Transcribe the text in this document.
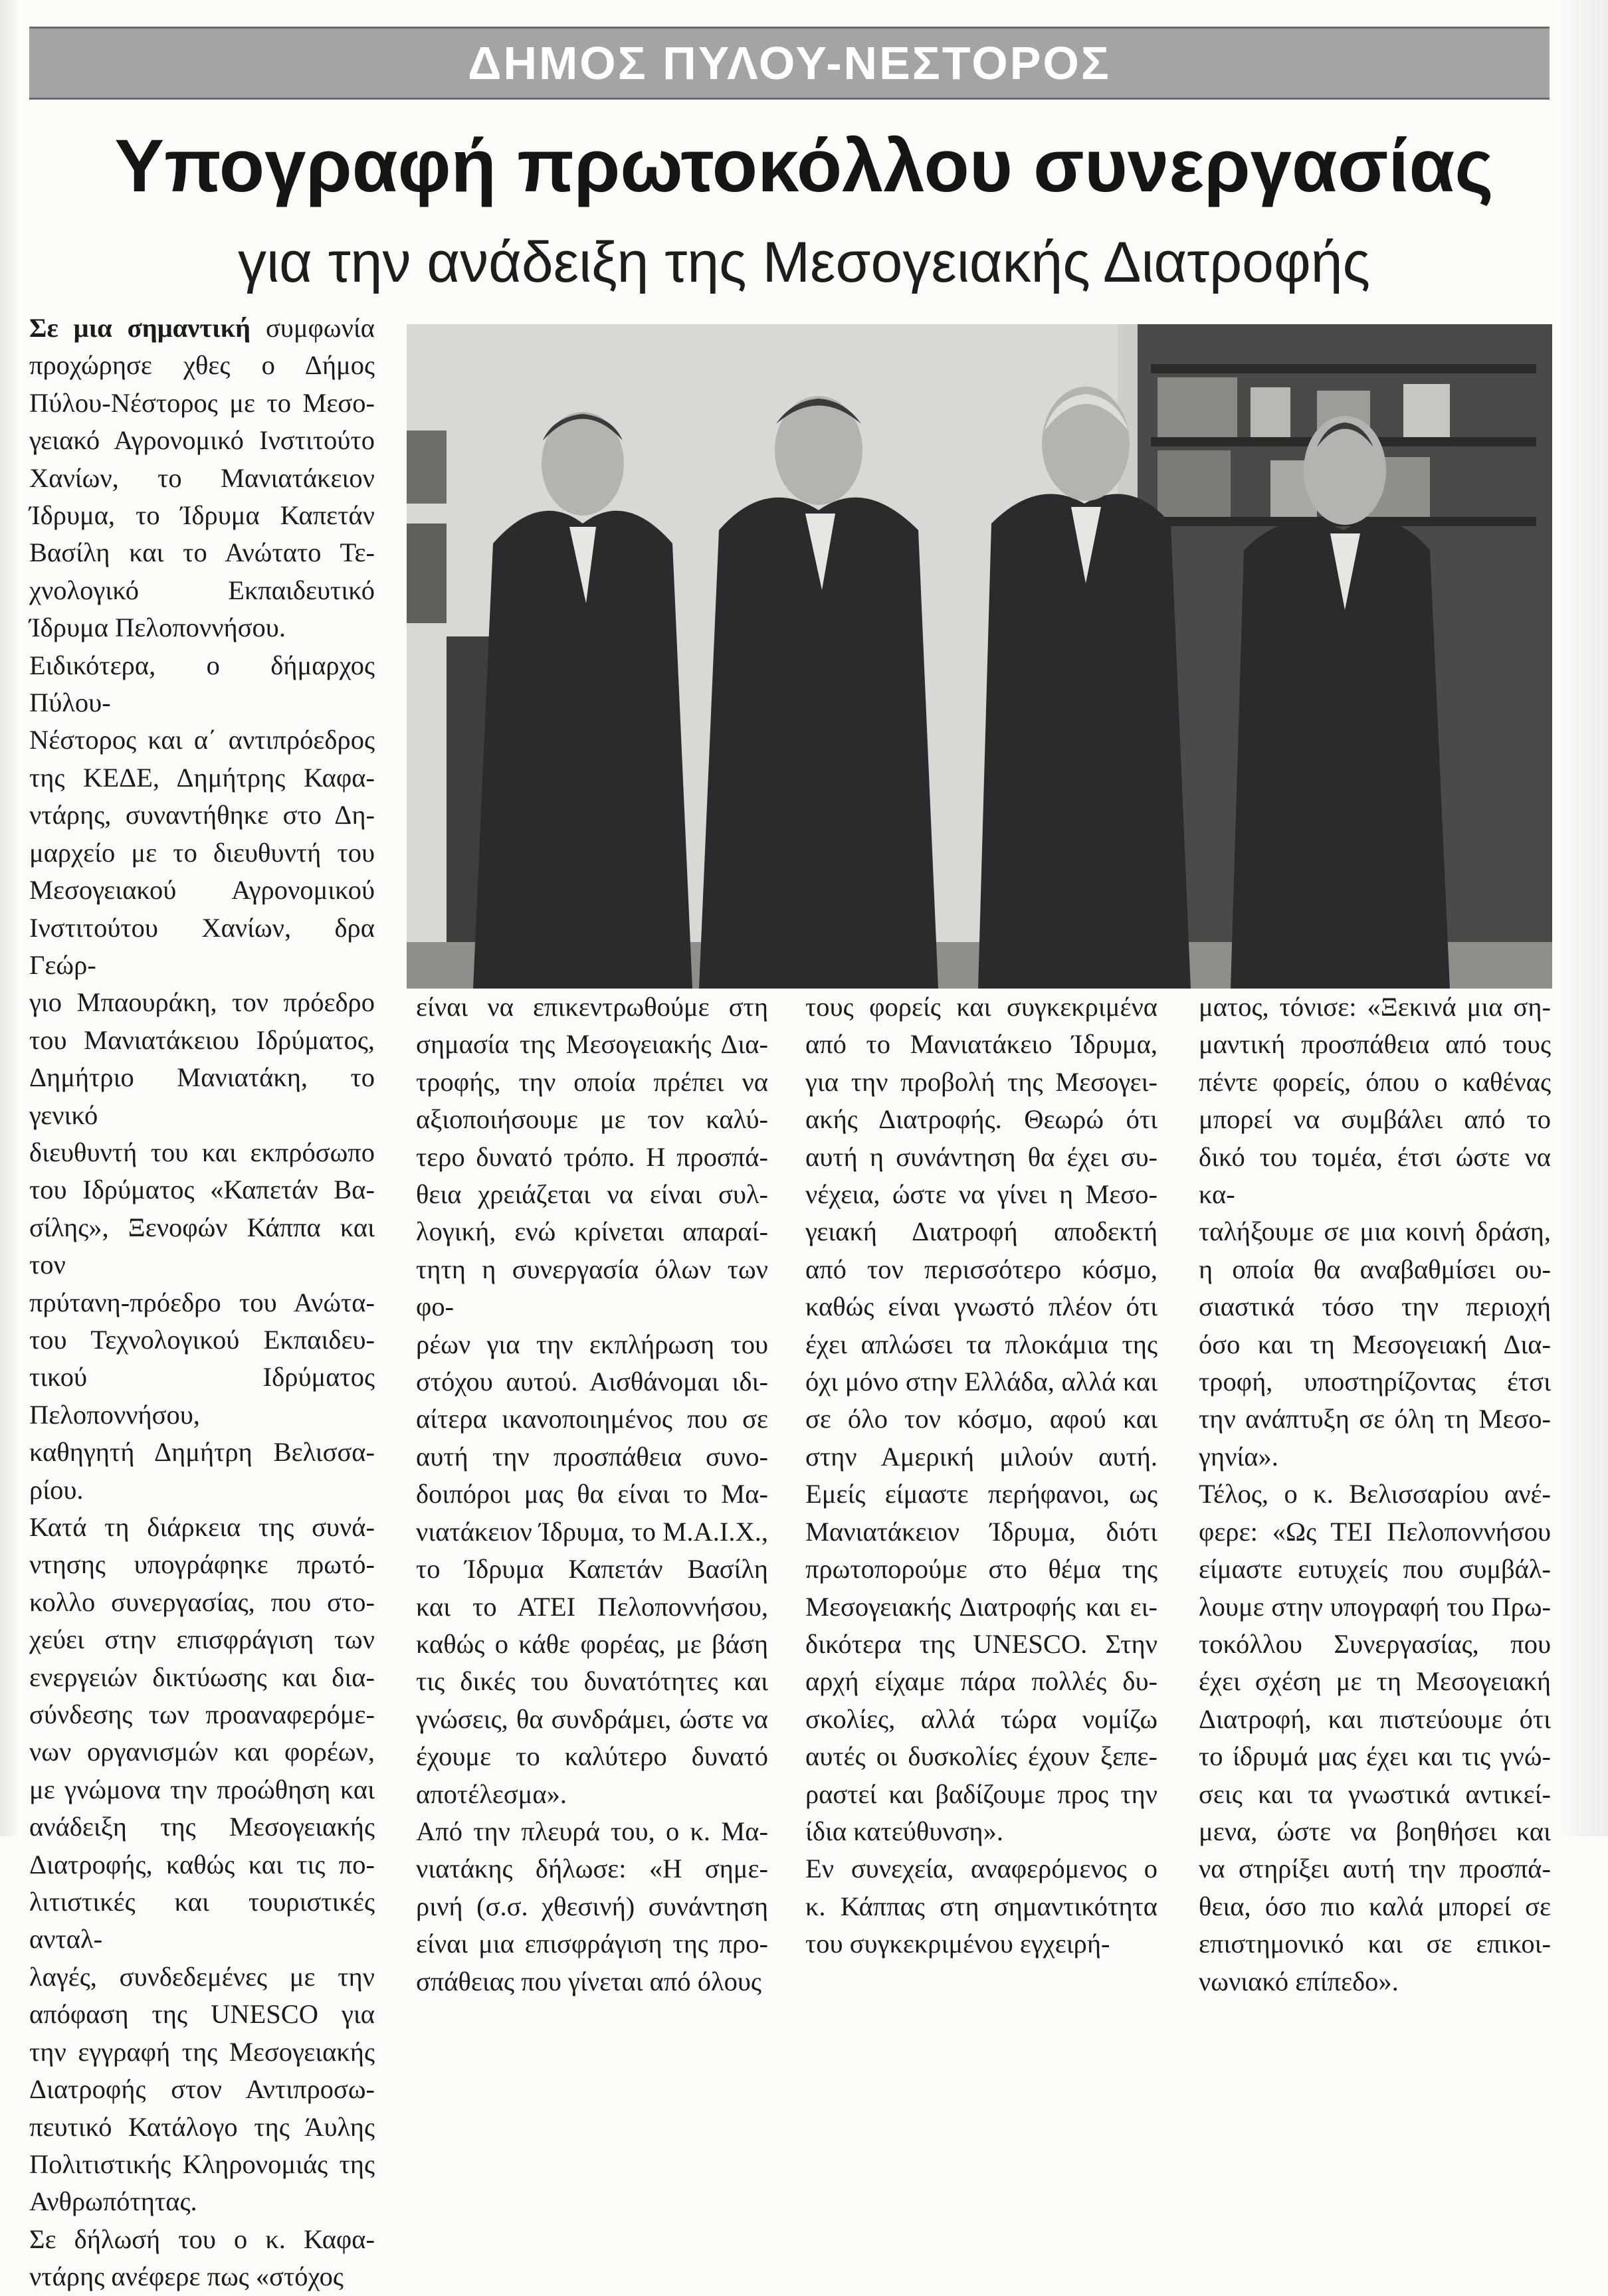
ΔΗΜΟΣ ΠΥΛΟΥ-ΝΕΣΤΟΡΟΣ
Υπογραφή πρωτοκόλλου συνεργασίας
για την ανάδειξη της Μεσογειακής Διατροφής
Σε μια σημαντική συμφωνία
προχώρησε χθες ο Δήμος
Πύλου-Νέστορος με το Μεσο-
γειακό Αγρονομικό Ινστιτούτο
Χανίων, το Μανιατάκειον
Ίδρυμα, το Ίδρυμα Καπετάν
Βασίλη και το Ανώτατο Τε-
χνολογικό Εκπαιδευτικό
Ίδρυμα Πελοποννήσου.
Ειδικότερα, ο δήμαρχος Πύλου-
Νέστορος και α΄ αντιπρόεδρος
της ΚΕΔΕ, Δημήτρης Καφα-
ντάρης, συναντήθηκε στο Δη-
μαρχείο με το διευθυντή του
Μεσογειακού Αγρονομικού
Ινστιτούτου Χανίων, δρα Γεώρ-
γιο Μπαουράκη, τον πρόεδρο
του Μανιατάκειου Ιδρύματος,
Δημήτριο Μανιατάκη, το γενικό
διευθυντή του και εκπρόσωπο
του Ιδρύματος «Καπετάν Βα-
σίλης», Ξενοφών Κάππα και τον
πρύτανη-πρόεδρο του Ανώτα-
του Τεχνολογικού Εκπαιδευ-
τικού Ιδρύματος Πελοποννήσου,
καθηγητή Δημήτρη Βελισσα-
ρίου.
Κατά τη διάρκεια της συνά-
ντησης υπογράφηκε πρωτό-
κολλο συνεργασίας, που στο-
χεύει στην επισφράγιση των
ενεργειών δικτύωσης και δια-
σύνδεσης των προαναφερόμε-
νων οργανισμών και φορέων,
με γνώμονα την προώθηση και
ανάδειξη της Μεσογειακής
Διατροφής, καθώς και τις πο-
λιτιστικές και τουριστικές ανταλ-
λαγές, συνδεδεμένες με την
απόφαση της UNESCO για
την εγγραφή της Μεσογειακής
Διατροφής στον Αντιπροσω-
πευτικό Κατάλογο της Άυλης
Πολιτιστικής Κληρονομιάς της
Ανθρωπότητας.
Σε δήλωσή του ο κ. Καφα-
ντάρης ανέφερε πως «στόχος
είναι να επικεντρωθούμε στη
σημασία της Μεσογειακής Δια-
τροφής, την οποία πρέπει να
αξιοποιήσουμε με τον καλύ-
τερο δυνατό τρόπο. Η προσπά-
θεια χρειάζεται να είναι συλ-
λογική, ενώ κρίνεται απαραί-
τητη η συνεργασία όλων των φο-
ρέων για την εκπλήρωση του
στόχου αυτού. Αισθάνομαι ιδι-
αίτερα ικανοποιημένος που σε
αυτή την προσπάθεια συνο-
δοιπόροι μας θα είναι το Μα-
νιατάκειον Ίδρυμα, το Μ.Α.Ι.Χ.,
το Ίδρυμα Καπετάν Βασίλη
και το ΑΤΕΙ Πελοποννήσου,
καθώς ο κάθε φορέας, με βάση
τις δικές του δυνατότητες και
γνώσεις, θα συνδράμει, ώστε να
έχουμε το καλύτερο δυνατό
αποτέλεσμα».
Από την πλευρά του, ο κ. Μα-
νιατάκης δήλωσε: «Η σημε-
ρινή (σ.σ. χθεσινή) συνάντηση
είναι μια επισφράγιση της προ-
σπάθειας που γίνεται από όλους
τους φορείς και συγκεκριμένα
από το Μανιατάκειο Ίδρυμα,
για την προβολή της Μεσογει-
ακής Διατροφής. Θεωρώ ότι
αυτή η συνάντηση θα έχει συ-
νέχεια, ώστε να γίνει η Μεσο-
γειακή Διατροφή αποδεκτή
από τον περισσότερο κόσμο,
καθώς είναι γνωστό πλέον ότι
έχει απλώσει τα πλοκάμια της
όχι μόνο στην Ελλάδα, αλλά και
σε όλο τον κόσμο, αφού και
στην Αμερική μιλούν αυτή.
Εμείς είμαστε περήφανοι, ως
Μανιατάκειον Ίδρυμα, διότι
πρωτοπορούμε στο θέμα της
Μεσογειακής Διατροφής και ει-
δικότερα της UNESCO. Στην
αρχή είχαμε πάρα πολλές δυ-
σκολίες, αλλά τώρα νομίζω
αυτές οι δυσκολίες έχουν ξεπε-
ραστεί και βαδίζουμε προς την
ίδια κατεύθυνση».
Εν συνεχεία, αναφερόμενος ο
κ. Κάππας στη σημαντικότητα
του συγκεκριμένου εγχειρή-
ματος, τόνισε: «Ξεκινά μια ση-
μαντική προσπάθεια από τους
πέντε φορείς, όπου ο καθένας
μπορεί να συμβάλει από το
δικό του τομέα, έτσι ώστε να κα-
ταλήξουμε σε μια κοινή δράση,
η οποία θα αναβαθμίσει ου-
σιαστικά τόσο την περιοχή
όσο και τη Μεσογειακή Δια-
τροφή, υποστηρίζοντας έτσι
την ανάπτυξη σε όλη τη Μεσο-
γηνία».
Τέλος, ο κ. Βελισσαρίου ανέ-
φερε: «Ως ΤΕΙ Πελοποννήσου
είμαστε ευτυχείς που συμβάλ-
λουμε στην υπογραφή του Πρω-
τοκόλλου Συνεργασίας, που
έχει σχέση με τη Μεσογειακή
Διατροφή, και πιστεύουμε ότι
το ίδρυμά μας έχει και τις γνώ-
σεις και τα γνωστικά αντικεί-
μενα, ώστε να βοηθήσει και
να στηρίξει αυτή την προσπά-
θεια, όσο πιο καλά μπορεί σε
επιστημονικό και σε επικοι-
νωνιακό επίπεδο».
